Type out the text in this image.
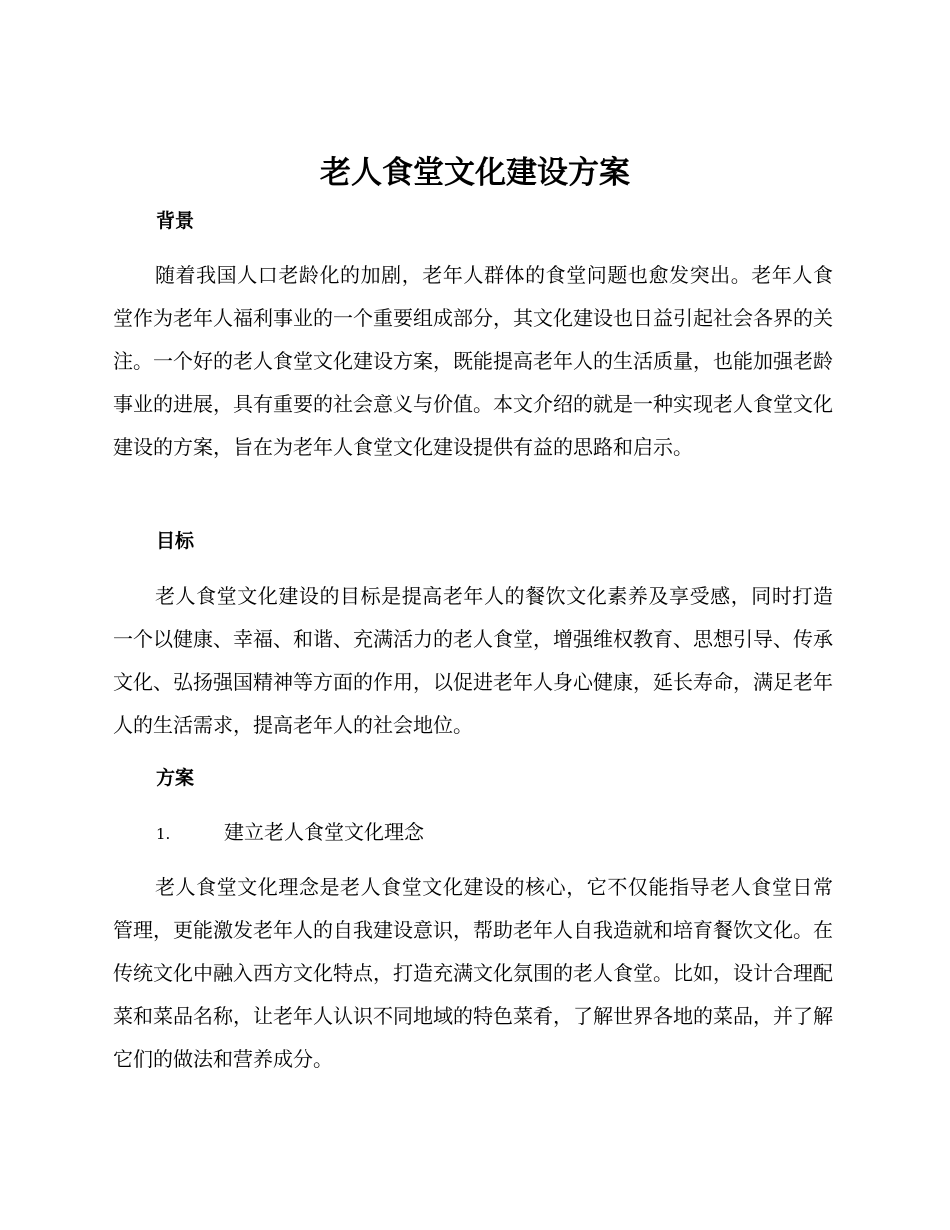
老人食堂文化建设方案
背景

随着我国人口老龄化的加剧，老年人群体的食堂问题也愈发突出。老年人食堂作为老年人福利事业的一个重要组成部分，其文化建设也日益引起社会各界的关注。一个好的老人食堂文化建设方案，既能提高老年人的生活质量，也能加强老龄事业的进展，具有重要的社会意义与价值。本文介绍的就是一种实现老人食堂文化建设的方案，旨在为老年人食堂文化建设提供有益的思路和启示。

目标

老人食堂文化建设的目标是提高老年人的餐饮文化素养及享受感，同时打造一个以健康、幸福、和谐、充满活力的老人食堂，增强维权教育、思想引导、传承文化、弘扬强国精神等方面的作用，以促进老年人身心健康，延长寿命，满足老年人的生活需求，提高老年人的社会地位。

方案
1.	建立老人食堂文化理念

老人食堂文化理念是老人食堂文化建设的核心，它不仅能指导老人食堂日常管理，更能激发老年人的自我建设意识，帮助老年人自我造就和培育餐饮文化。在传统文化中融入西方文化特点，打造充满文化氛围的老人食堂。比如，设计合理配菜和菜品名称，让老年人认识不同地域的特色菜肴，了解世界各地的菜品，并了解它们的做法和营养成分。
